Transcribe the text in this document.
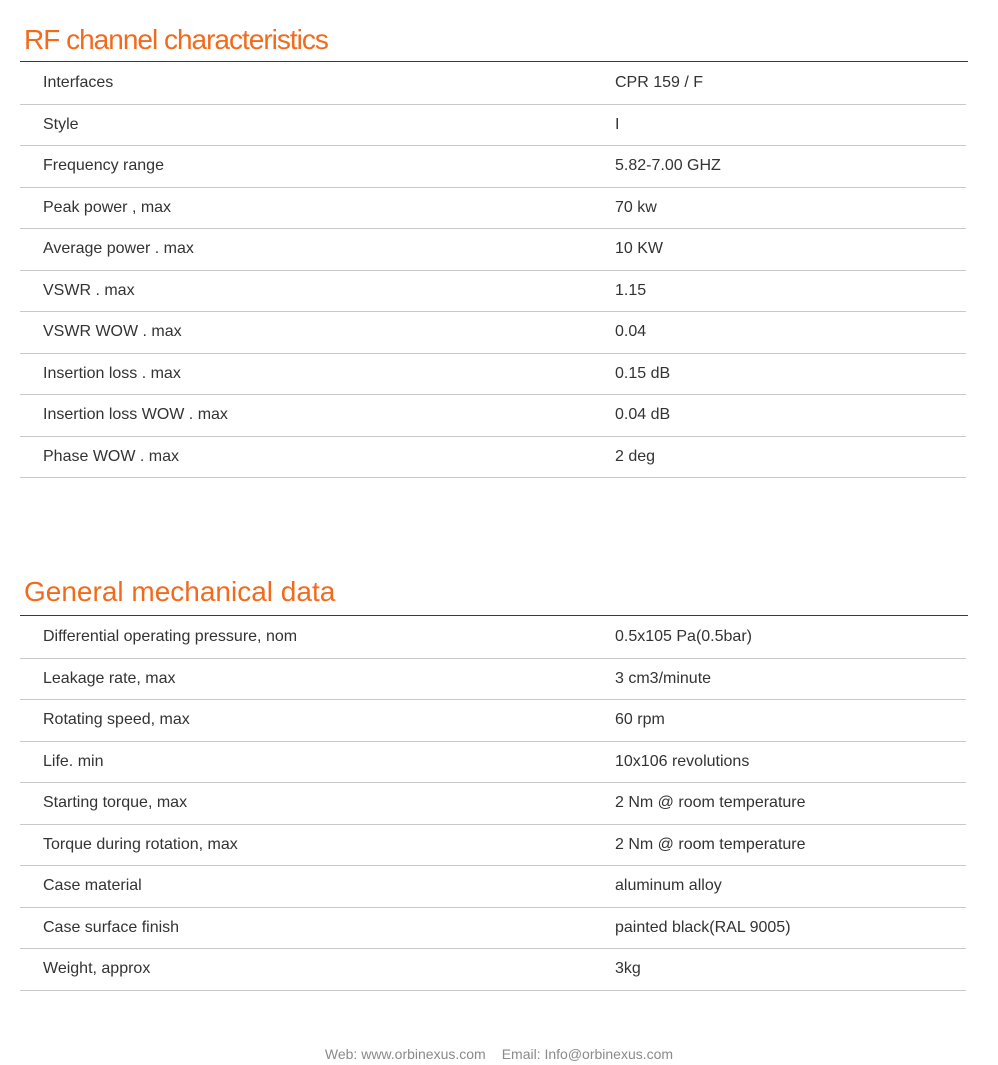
RF channel characteristics
Interfaces	CPR 159 / F
Style	I
Frequency range	5.82-7.00 GHZ
Peak power , max	70 kw
Average power . max	10 KW
VSWR . max	1.15
VSWR WOW . max	0.04
Insertion loss . max	0.15 dB
Insertion loss WOW . max	0.04 dB
Phase WOW . max	2 deg
General mechanical data
Differential operating pressure, nom	0.5x105 Pa(0.5bar)
Leakage rate, max	3 cm3/minute
Rotating speed, max	60 rpm
Life. min	10x106 revolutions
Starting torque, max	2 Nm @ room temperature
Torque during rotation, max	2 Nm @ room temperature
Case material	aluminum alloy
Case surface finish	painted black(RAL 9005)
Weight, approx	3kg
Web: www.orbinexus.com Email: Info@orbinexus.com
